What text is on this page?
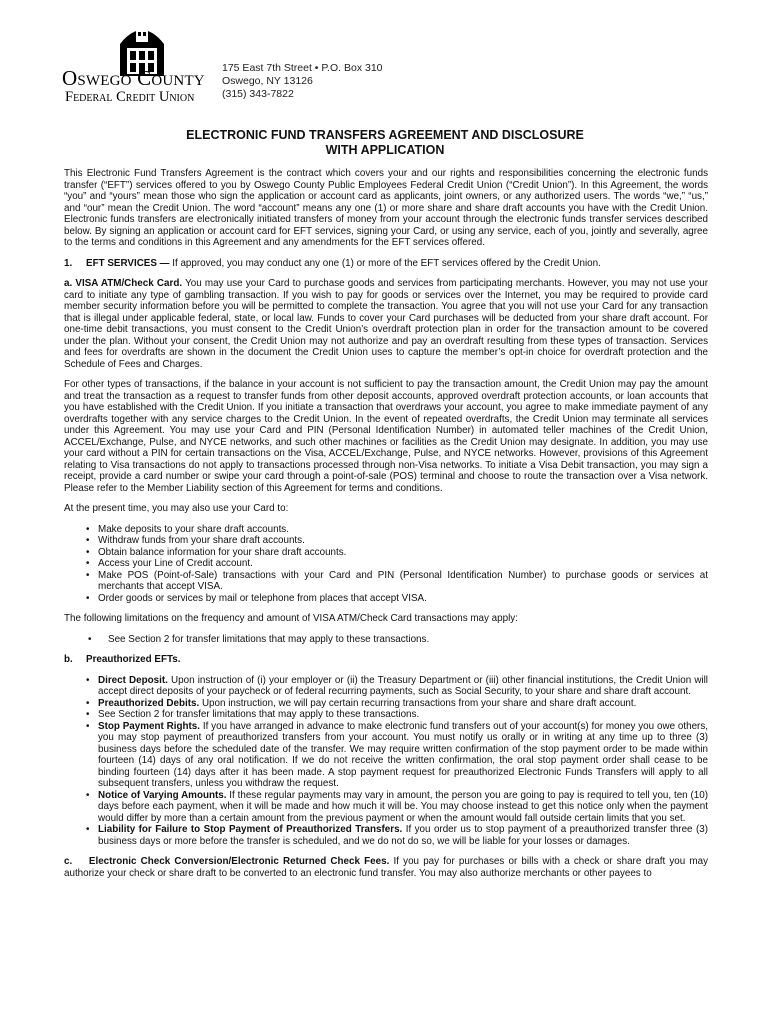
Oswego County
Federal Credit Union
175 East 7th Street • P.O. Box 310
Oswego, NY 13126
(315) 343-7822
ELECTRONIC FUND TRANSFERS AGREEMENT AND DISCLOSURE
WITH APPLICATION

This Electronic Fund Transfers Agreement is the contract which covers your and our rights and responsibilities concerning the electronic funds transfer (“EFT”) services offered to you by Oswego County Public Employees Federal Credit Union (“Credit Union”). In this Agreement, the words “you” and “yours” mean those who sign the application or account card as applicants, joint owners, or any authorized users. The words “we,” “us,” and “our” mean the Credit Union. The word “account” means any one (1) or more share and share draft accounts you have with the Credit Union. Electronic funds transfers are electronically initiated transfers of money from your account through the electronic funds transfer services described below. By signing an application or account card for EFT services, signing your Card, or using any service, each of you, jointly and severally, agree to the terms and conditions in this Agreement and any amendments for the EFT services offered.

1. EFT SERVICES — If approved, you may conduct any one (1) or more of the EFT services offered by the Credit Union.

a. VISA ATM/Check Card. You may use your Card to purchase goods and services from participating merchants. However, you may not use your card to initiate any type of gambling transaction. If you wish to pay for goods or services over the Internet, you may be required to provide card member security information before you will be permitted to complete the transaction. You agree that you will not use your Card for any transaction that is illegal under applicable federal, state, or local law. Funds to cover your Card purchases will be deducted from your share draft account. For one-time debit transactions, you must consent to the Credit Union’s overdraft protection plan in order for the transaction amount to be covered under the plan. Without your consent, the Credit Union may not authorize and pay an overdraft resulting from these types of transaction. Services and fees for overdrafts are shown in the document the Credit Union uses to capture the member’s opt-in choice for overdraft protection and the Schedule of Fees and Charges.

For other types of transactions, if the balance in your account is not sufficient to pay the transaction amount, the Credit Union may pay the amount and treat the transaction as a request to transfer funds from other deposit accounts, approved overdraft protection accounts, or loan accounts that you have established with the Credit Union. If you initiate a transaction that overdraws your account, you agree to make immediate payment of any overdrafts together with any service charges to the Credit Union. In the event of repeated overdrafts, the Credit Union may terminate all services under this Agreement. You may use your Card and PIN (Personal Identification Number) in automated teller machines of the Credit Union, ACCEL/Exchange, Pulse, and NYCE networks, and such other machines or facilities as the Credit Union may designate. In addition, you may use your card without a PIN for certain transactions on the Visa, ACCEL/Exchange, Pulse, and NYCE networks. However, provisions of this Agreement relating to Visa transactions do not apply to transactions processed through non-Visa networks. To initiate a Visa Debit transaction, you may sign a receipt, provide a card number or swipe your card through a point-of-sale (POS) terminal and choose to route the transaction over a Visa network. Please refer to the Member Liability section of this Agreement for terms and conditions.

At the present time, you may also use your Card to:

• Make deposits to your share draft accounts.
• Withdraw funds from your share draft accounts.
• Obtain balance information for your share draft accounts.
• Access your Line of Credit account.
• Make POS (Point-of-Sale) transactions with your Card and PIN (Personal Identification Number) to purchase goods or services at merchants that accept VISA.
• Order goods or services by mail or telephone from places that accept VISA.

The following limitations on the frequency and amount of VISA ATM/Check Card transactions may apply:

• See Section 2 for transfer limitations that may apply to these transactions.

b. Preauthorized EFTs.

• Direct Deposit. Upon instruction of (i) your employer or (ii) the Treasury Department or (iii) other financial institutions, the Credit Union will accept direct deposits of your paycheck or of federal recurring payments, such as Social Security, to your share and share draft account.
• Preauthorized Debits. Upon instruction, we will pay certain recurring transactions from your share and share draft account.
• See Section 2 for transfer limitations that may apply to these transactions.
• Stop Payment Rights. If you have arranged in advance to make electronic fund transfers out of your account(s) for money you owe others, you may stop payment of preauthorized transfers from your account. You must notify us orally or in writing at any time up to three (3) business days before the scheduled date of the transfer. We may require written confirmation of the stop payment order to be made within fourteen (14) days of any oral notification. If we do not receive the written confirmation, the oral stop payment order shall cease to be binding fourteen (14) days after it has been made. A stop payment request for preauthorized Electronic Funds Transfers will apply to all subsequent transfers, unless you withdraw the request.
• Notice of Varying Amounts. If these regular payments may vary in amount, the person you are going to pay is required to tell you, ten (10) days before each payment, when it will be made and how much it will be. You may choose instead to get this notice only when the payment would differ by more than a certain amount from the previous payment or when the amount would fall outside certain limits that you set.
• Liability for Failure to Stop Payment of Preauthorized Transfers. If you order us to stop payment of a preauthorized transfer three (3) business days or more before the transfer is scheduled, and we do not do so, we will be liable for your losses or damages.

c.    Electronic Check Conversion/Electronic Returned Check Fees. If you pay for purchases or bills with a check or share draft you may authorize your check or share draft to be converted to an electronic fund transfer. You may also authorize merchants or other payees to
